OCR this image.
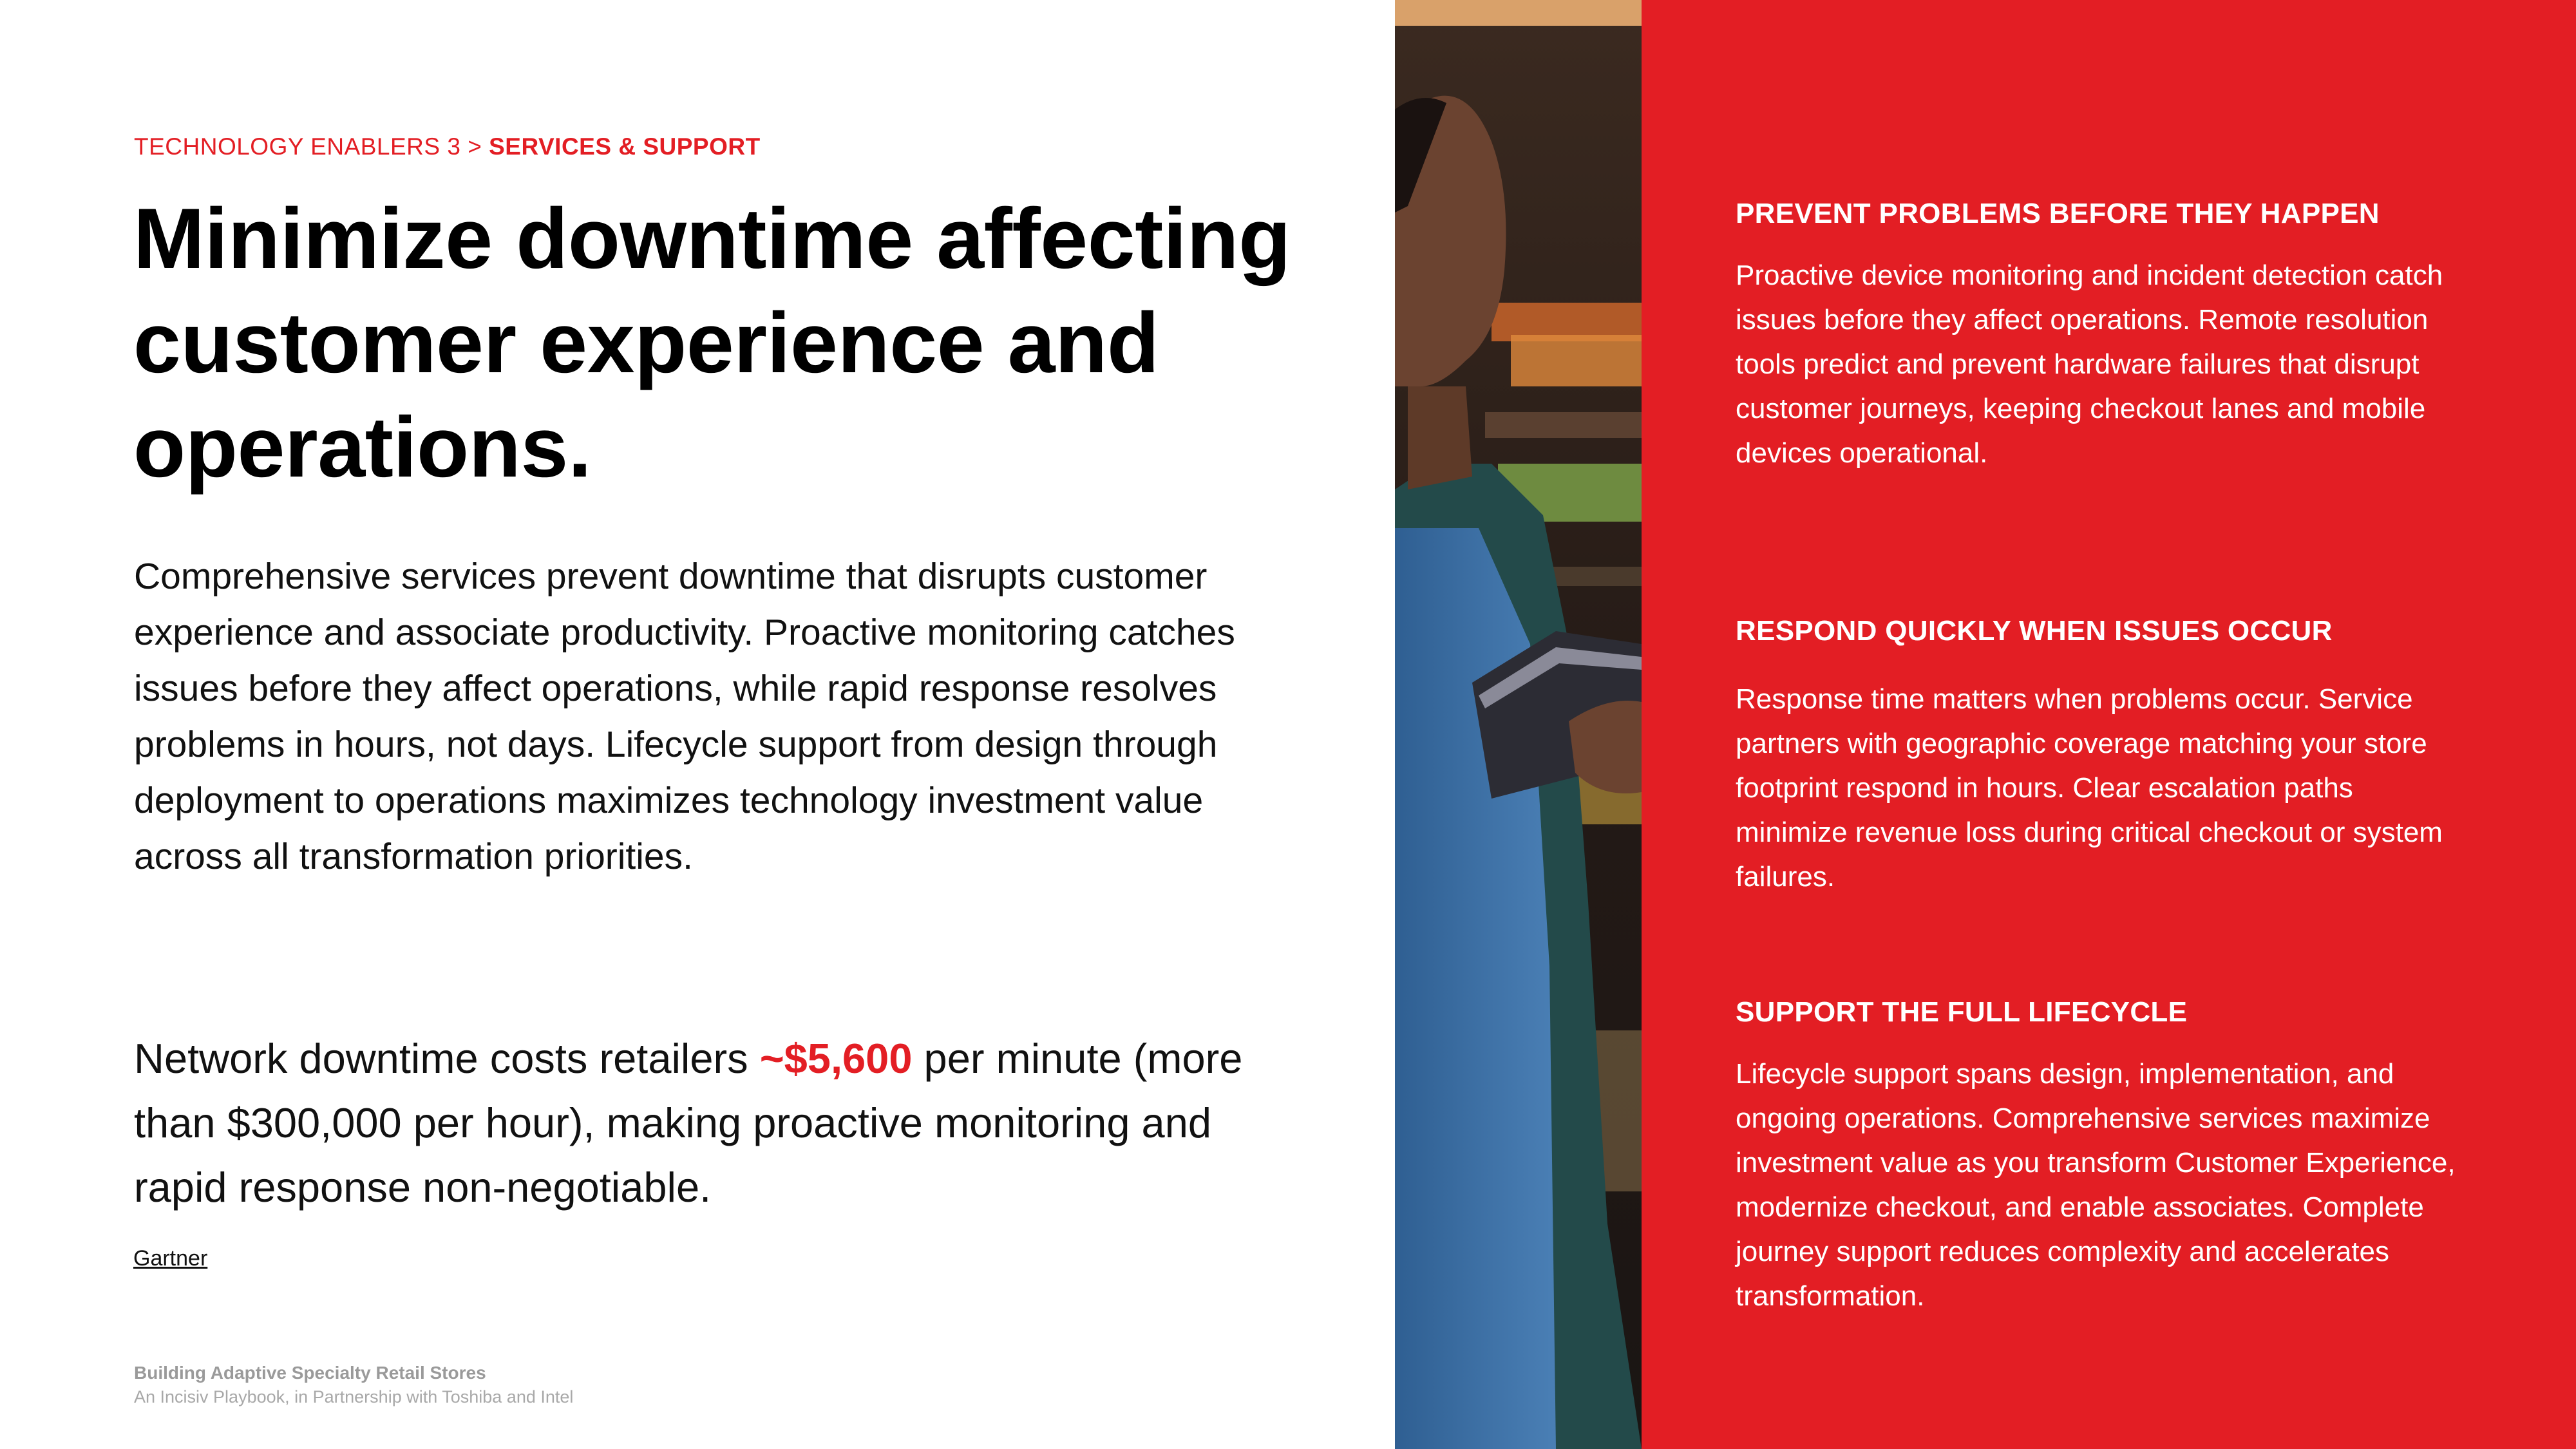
TECHNOLOGY ENABLERS 3 > SERVICES & SUPPORT
Minimize downtime affecting customer experience and operations.

Comprehensive services prevent downtime that disrupts customer experience and associate productivity. Proactive monitoring catches issues before they affect operations, while rapid response resolves problems in hours, not days. Lifecycle support from design through deployment to operations maximizes technology investment value across all transformation priorities.

Network downtime costs retailers ~$5,600 per minute (more than $300,000 per hour), making proactive monitoring and rapid response non-negotiable.

Gartner
Building Adaptive Specialty Retail Stores
An Incisiv Playbook, in Partnership with Toshiba and Intel
PREVENT PROBLEMS BEFORE THEY HAPPEN

Proactive device monitoring and incident detection catch issues before they affect operations. Remote resolution tools predict and prevent hardware failures that disrupt customer journeys, keeping checkout lanes and mobile devices operational.

RESPOND QUICKLY WHEN ISSUES OCCUR

Response time matters when problems occur. Service partners with geographic coverage matching your store footprint respond in hours. Clear escalation paths minimize revenue loss during critical checkout or system failures.

SUPPORT THE FULL LIFECYCLE

Lifecycle support spans design, implementation, and ongoing operations. Comprehensive services maximize investment value as you transform Customer Experience, modernize checkout, and enable associates. Complete journey support reduces complexity and accelerates transformation.
